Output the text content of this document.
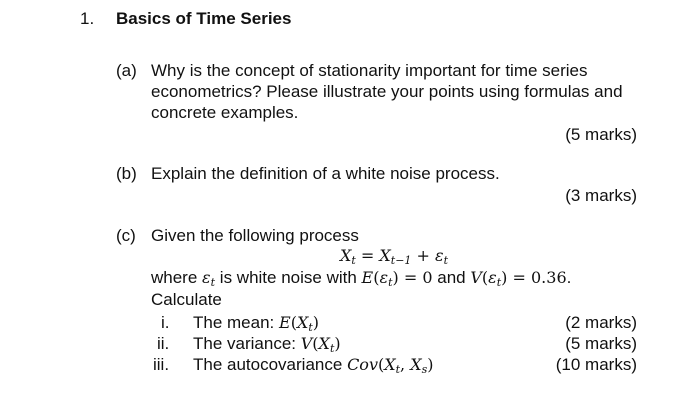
1. Basics of Time Series
(a) Why is the concept of stationarity important for time series
econometrics? Please illustrate your points using formulas and
concrete examples.
(5 marks)
(b) Explain the definition of a white noise process.
(3 marks)
(c) Given the following process
$X_t = X_{t-1} + \varepsilon_t$
where $\varepsilon_t$ is white noise with $E(\varepsilon_t) = 0$ and $V(\varepsilon_t) = 0.36$.
Calculate
i. The mean: $E(X_t)$	(2 marks)
ii. The variance: $V(X_t)$	(5 marks)
iii. The autocovariance $Cov(X_t$, $X_s$)	(10 marks)
